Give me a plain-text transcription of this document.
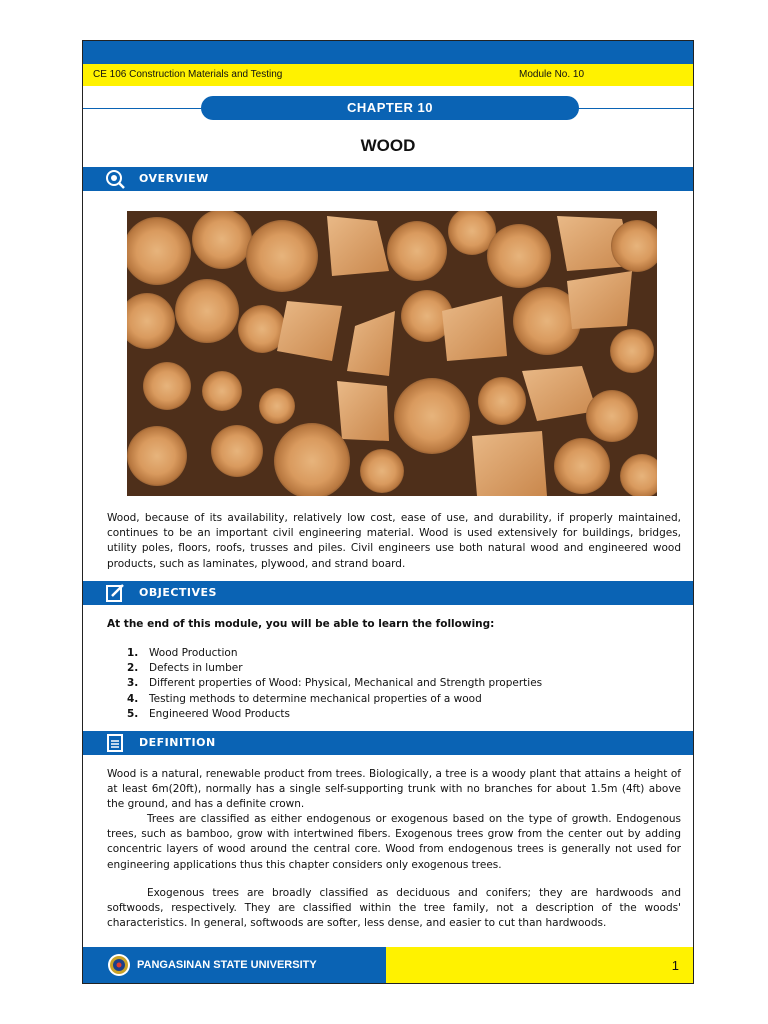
CE 106 Construction Materials and Testing	Module No. 10
CHAPTER 10
WOOD
OVERVIEW
Wood, because of its availability, relatively low cost, ease of use, and durability, if properly maintained, continues to be an important civil engineering material. Wood is used extensively for buildings, bridges, utility poles, floors, roofs, trusses and piles. Civil engineers use both natural wood and engineered wood products, such as laminates, plywood, and strand board.
OBJECTIVES
At the end of this module, you will be able to learn the following:
1. Wood Production
2. Defects in lumber
3. Different properties of Wood: Physical, Mechanical and Strength properties
4. Testing methods to determine mechanical properties of a wood
5. Engineered Wood Products
DEFINITION
Wood is a natural, renewable product from trees. Biologically, a tree is a woody plant that attains a height of at least 6m(20ft), normally has a single self-supporting trunk with no branches for about 1.5m (4ft) above the ground, and has a definite crown.
Trees are classified as either endogenous or exogenous based on the type of growth. Endogenous trees, such as bamboo, grow with intertwined fibers. Exogenous trees grow from the center out by adding concentric layers of wood around the central core. Wood from endogenous trees is generally not used for engineering applications thus this chapter considers only exogenous trees.
Exogenous trees are broadly classified as deciduous and conifers; they are hardwoods and softwoods, respectively. They are classified within the tree family, not a description of the woods' characteristics. In general, softwoods are softer, less dense, and easier to cut than hardwoods.
PANGASINAN STATE UNIVERSITY	1
